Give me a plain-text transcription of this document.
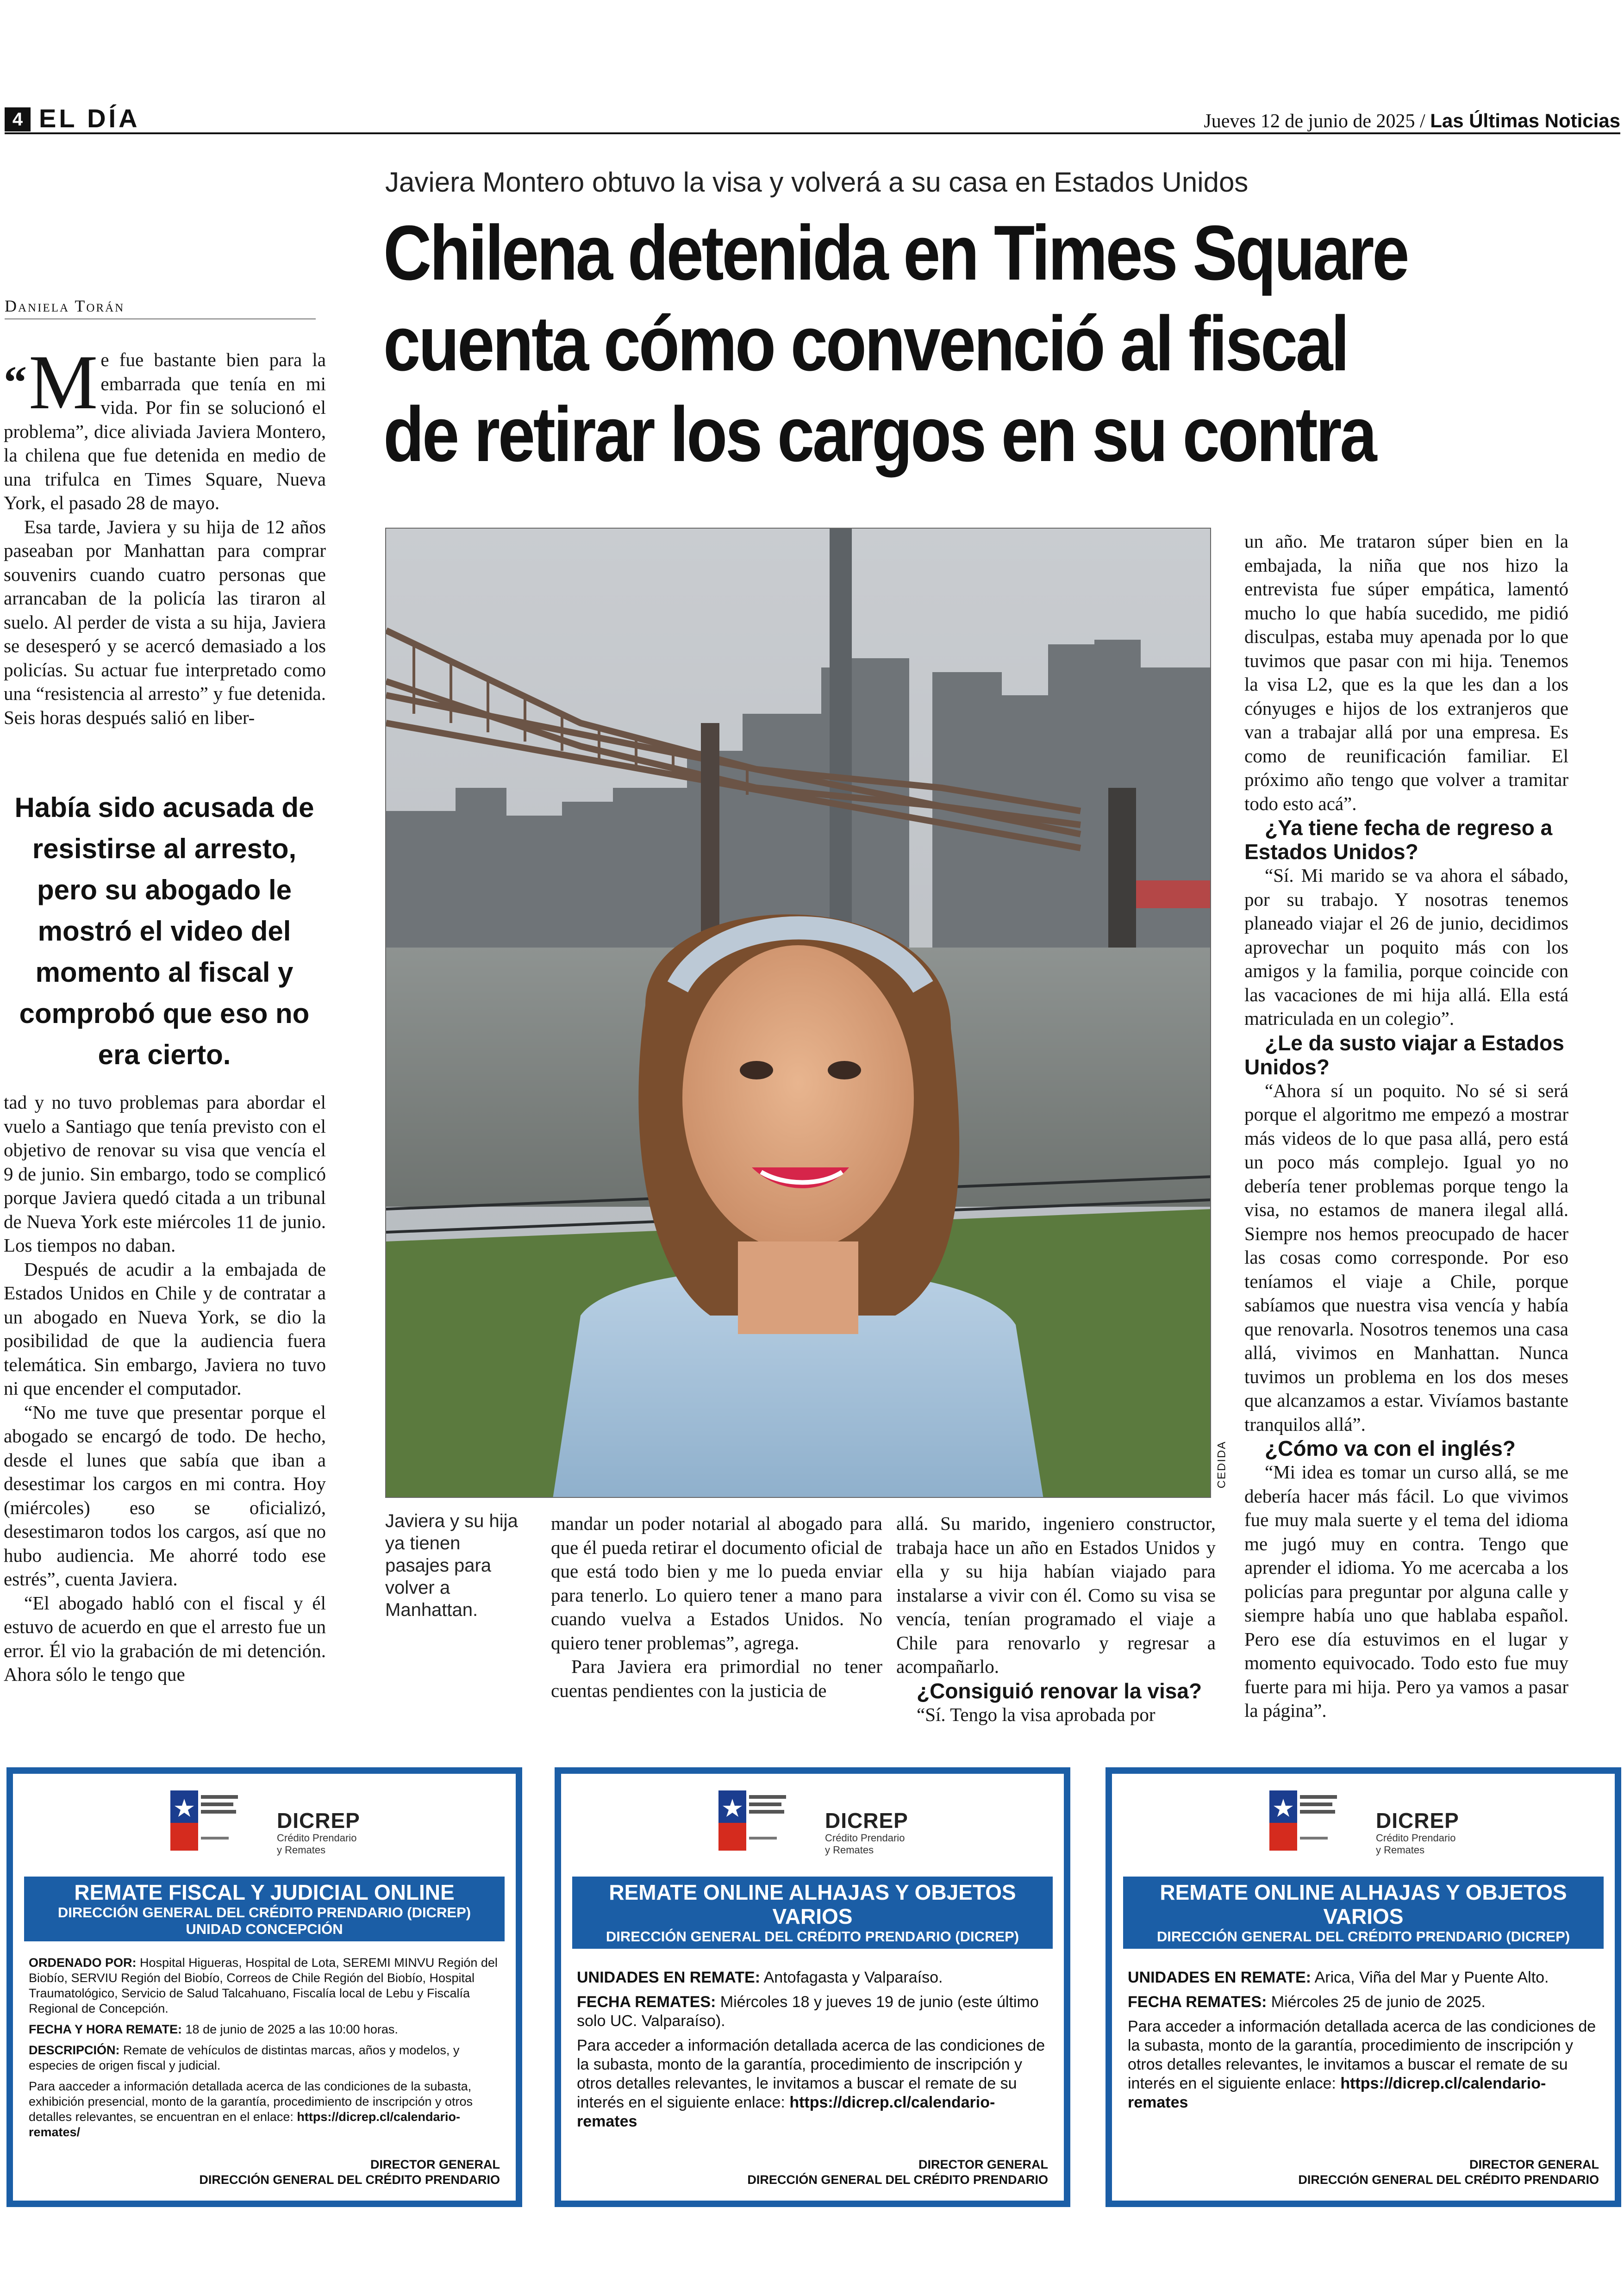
4 EL DÍA	Jueves 12 de junio de 2025 / Las Últimas Noticias
Javiera Montero obtuvo la visa y volverá a su casa en Estados Unidos
Chilena detenida en Times Square
cuenta cómo convenció al fiscal
de retirar los cargos en su contra
Daniela Torán

“M e fue bastante bien para la embarrada que tenía en mi vida. Por fin se solucionó el problema”, dice aliviada Javiera Montero, la chilena que fue detenida en medio de una trifulca en Times Square, Nueva York, el pasado 28 de mayo.

Esa tarde, Javiera y su hija de 12 años paseaban por Manhattan para comprar souvenirs cuando cuatro personas que arrancaban de la policía las tiraron al suelo. Al perder de vista a su hija, Javiera se desesperó y se acercó demasiado a los policías. Su actuar fue interpretado como una “resistencia al arresto” y fue detenida. Seis horas después salió en liber-

Había sido acusada de resistirse al arresto, pero su abogado le mostró el video del momento al fiscal y comprobó que eso no era cierto.

tad y no tuvo problemas para abordar el vuelo a Santiago que tenía previsto con el objetivo de renovar su visa que vencía el 9 de junio. Sin embargo, todo se complicó porque Javiera quedó citada a un tribunal de Nueva York este miércoles 11 de junio. Los tiempos no daban.

Después de acudir a la embajada de Estados Unidos en Chile y de contratar a un abogado en Nueva York, se dio la posibilidad de que la audiencia fuera telemática. Sin embargo, Javiera no tuvo ni que encender el computador.

“No me tuve que presentar porque el abogado se encargó de todo. De hecho, desde el lunes que sabía que iban a desestimar los cargos en mi contra. Hoy (miércoles) eso se oficializó, desestimaron todos los cargos, así que no hubo audiencia. Me ahorré todo ese estrés”, cuenta Javiera.

“El abogado habló con el fiscal y él estuvo de acuerdo en que el arresto fue un error. Él vio la grabación de mi detención. Ahora sólo le tengo que

CEDIDA
Javiera y su hija ya tienen pasajes para volver a Manhattan.

mandar un poder notarial al abogado para que él pueda retirar el documento oficial de que está todo bien y me lo pueda enviar para tenerlo. Lo quiero tener a mano para cuando vuelva a Estados Unidos. No quiero tener problemas”, agrega.

Para Javiera era primordial no tener cuentas pendientes con la justicia de

allá. Su marido, ingeniero constructor, trabaja hace un año en Estados Unidos y ella y su hija habían viajado para instalarse a vivir con él. Como su visa se vencía, tenían programado el viaje a Chile para renovarlo y regresar a acompañarlo.

¿Consiguió renovar la visa?

“Sí. Tengo la visa aprobada por

un año. Me trataron súper bien en la embajada, la niña que nos hizo la entrevista fue súper empática, lamentó mucho lo que había sucedido, me pidió disculpas, estaba muy apenada por lo que tuvimos que pasar con mi hija. Tenemos la visa L2, que es la que les dan a los cónyuges e hijos de los extranjeros que van a trabajar allá por una empresa. Es como de reunificación familiar. El próximo año tengo que volver a tramitar todo esto acá”.

¿Ya tiene fecha de regreso a Estados Unidos?

“Sí. Mi marido se va ahora el sábado, por su trabajo. Y nosotras tenemos planeado viajar el 26 de junio, decidimos aprovechar un poquito más con los amigos y la familia, porque coincide con las vacaciones de mi hija allá. Ella está matriculada en un colegio”.

¿Le da susto viajar a Estados Unidos?

“Ahora sí un poquito. No sé si será porque el algoritmo me empezó a mostrar más videos de lo que pasa allá, pero está un poco más complejo. Igual yo no debería tener problemas porque tengo la visa, no estamos de manera ilegal allá. Siempre nos hemos preocupado de hacer las cosas como corresponde. Por eso teníamos el viaje a Chile, porque sabíamos que nuestra visa vencía y había que renovarla. Nosotros tenemos una casa allá, vivimos en Manhattan. Nunca tuvimos un problema en los dos meses que alcanzamos a estar. Vivíamos bastante tranquilos allá”.

¿Cómo va con el inglés?

“Mi idea es tomar un curso allá, se me debería hacer más fácil. Lo que vivimos fue muy mala suerte y el tema del idioma me jugó muy en contra. Tengo que aprender el idioma. Yo me acercaba a los policías para preguntar por alguna calle y siempre había uno que hablaba español. Pero ese día estuvimos en el lugar y momento equivocado. Todo esto fue muy fuerte para mi hija. Pero ya vamos a pasar la página”.

DICREP
Crédito Prendario
y Remates
REMATE FISCAL Y JUDICIAL ONLINE
DIRECCIÓN GENERAL DEL CRÉDITO PRENDARIO (DICREP)
UNIDAD CONCEPCIÓN

ORDENADO POR: Hospital Higueras, Hospital de Lota, SEREMI MINVU Región del Biobío, SERVIU Región del Biobío, Correos de Chile Región del Biobío, Hospital Traumatológico, Servicio de Salud Talcahuano, Fiscalía local de Lebu y Fiscalía Regional de Concepción.

FECHA Y HORA REMATE: 18 de junio de 2025 a las 10:00 horas.

DESCRIPCIÓN: Remate de vehículos de distintas marcas, años y modelos, y especies de origen fiscal y judicial.

Para aacceder a información detallada acerca de las condiciones de la subasta, exhibición presencial, monto de la garantía, procedimiento de inscripción y otros detalles relevantes, se encuentran en el enlace: https://dicrep.cl/calendario-remates/

DIRECTOR GENERAL
DIRECCIÓN GENERAL DEL CRÉDITO PRENDARIO
DICREP
Crédito Prendario
y Remates
REMATE ONLINE ALHAJAS Y OBJETOS VARIOS
DIRECCIÓN GENERAL DEL CRÉDITO PRENDARIO (DICREP)

UNIDADES EN REMATE: Antofagasta y Valparaíso.

FECHA REMATES: Miércoles 18 y jueves 19 de junio (este último solo UC. Valparaíso).

Para acceder a información detallada acerca de las condiciones de la subasta, monto de la garantía, procedimiento de inscripción y otros detalles relevantes, le invitamos a buscar el remate de su interés en el siguiente enlace: https://dicrep.cl/calendario-remates

DIRECTOR GENERAL
DIRECCIÓN GENERAL DEL CRÉDITO PRENDARIO
DICREP
Crédito Prendario
y Remates
REMATE ONLINE ALHAJAS Y OBJETOS VARIOS
DIRECCIÓN GENERAL DEL CRÉDITO PRENDARIO (DICREP)

UNIDADES EN REMATE: Arica, Viña del Mar y Puente Alto.

FECHA REMATES: Miércoles 25 de junio de 2025.

Para acceder a información detallada acerca de las condiciones de la subasta, monto de la garantía, procedimiento de inscripción y otros detalles relevantes, le invitamos a buscar el remate de su interés en el siguiente enlace: https://dicrep.cl/calendario-remates

DIRECTOR GENERAL
DIRECCIÓN GENERAL DEL CRÉDITO PRENDARIO
